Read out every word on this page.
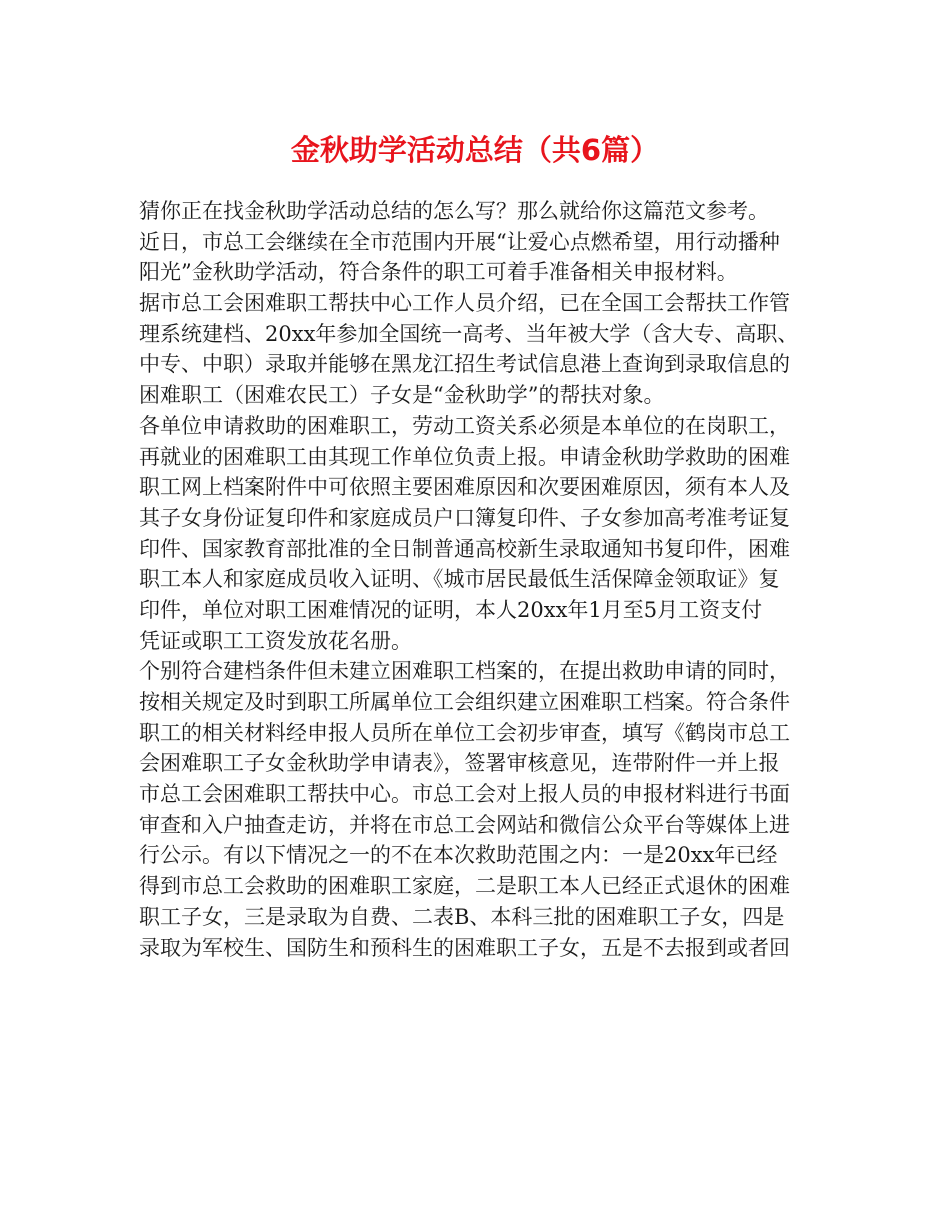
金秋助学活动总结（共6篇）
猜你正在找金秋助学活动总结的怎么写？那么就给你这篇范文参考。
近日，市总工会继续在全市范围内开展“让爱心点燃希望，用行动播种
阳光”金秋助学活动，符合条件的职工可着手准备相关申报材料。
据市总工会困难职工帮扶中心工作人员介绍，已在全国工会帮扶工作管
理系统建档、20xx年参加全国统一高考、当年被大学（含大专、高职、
中专、中职）录取并能够在黑龙江招生考试信息港上查询到录取信息的
困难职工（困难农民工）子女是“金秋助学”的帮扶对象。
各单位申请救助的困难职工，劳动工资关系必须是本单位的在岗职工，
再就业的困难职工由其现工作单位负责上报。申请金秋助学救助的困难
职工网上档案附件中可依照主要困难原因和次要困难原因，须有本人及
其子女身份证复印件和家庭成员户口簿复印件、子女参加高考准考证复
印件、国家教育部批准的全日制普通高校新生录取通知书复印件，困难
职工本人和家庭成员收入证明、《城市居民最低生活保障金领取证》复
印件，单位对职工困难情况的证明，本人20xx年1月至5月工资支付
凭证或职工工资发放花名册。
个别符合建档条件但未建立困难职工档案的，在提出救助申请的同时，
按相关规定及时到职工所属单位工会组织建立困难职工档案。符合条件
职工的相关材料经申报人员所在单位工会初步审查，填写《鹤岗市总工
会困难职工子女金秋助学申请表》，签署审核意见，连带附件一并上报
市总工会困难职工帮扶中心。市总工会对上报人员的申报材料进行书面
审查和入户抽查走访，并将在市总工会网站和微信公众平台等媒体上进
行公示。有以下情况之一的不在本次救助范围之内：一是20xx年已经
得到市总工会救助的困难职工家庭，二是职工本人已经正式退休的困难
职工子女，三是录取为自费、二表B、本科三批的困难职工子女，四是
录取为军校生、国防生和预科生的困难职工子女，五是不去报到或者回
